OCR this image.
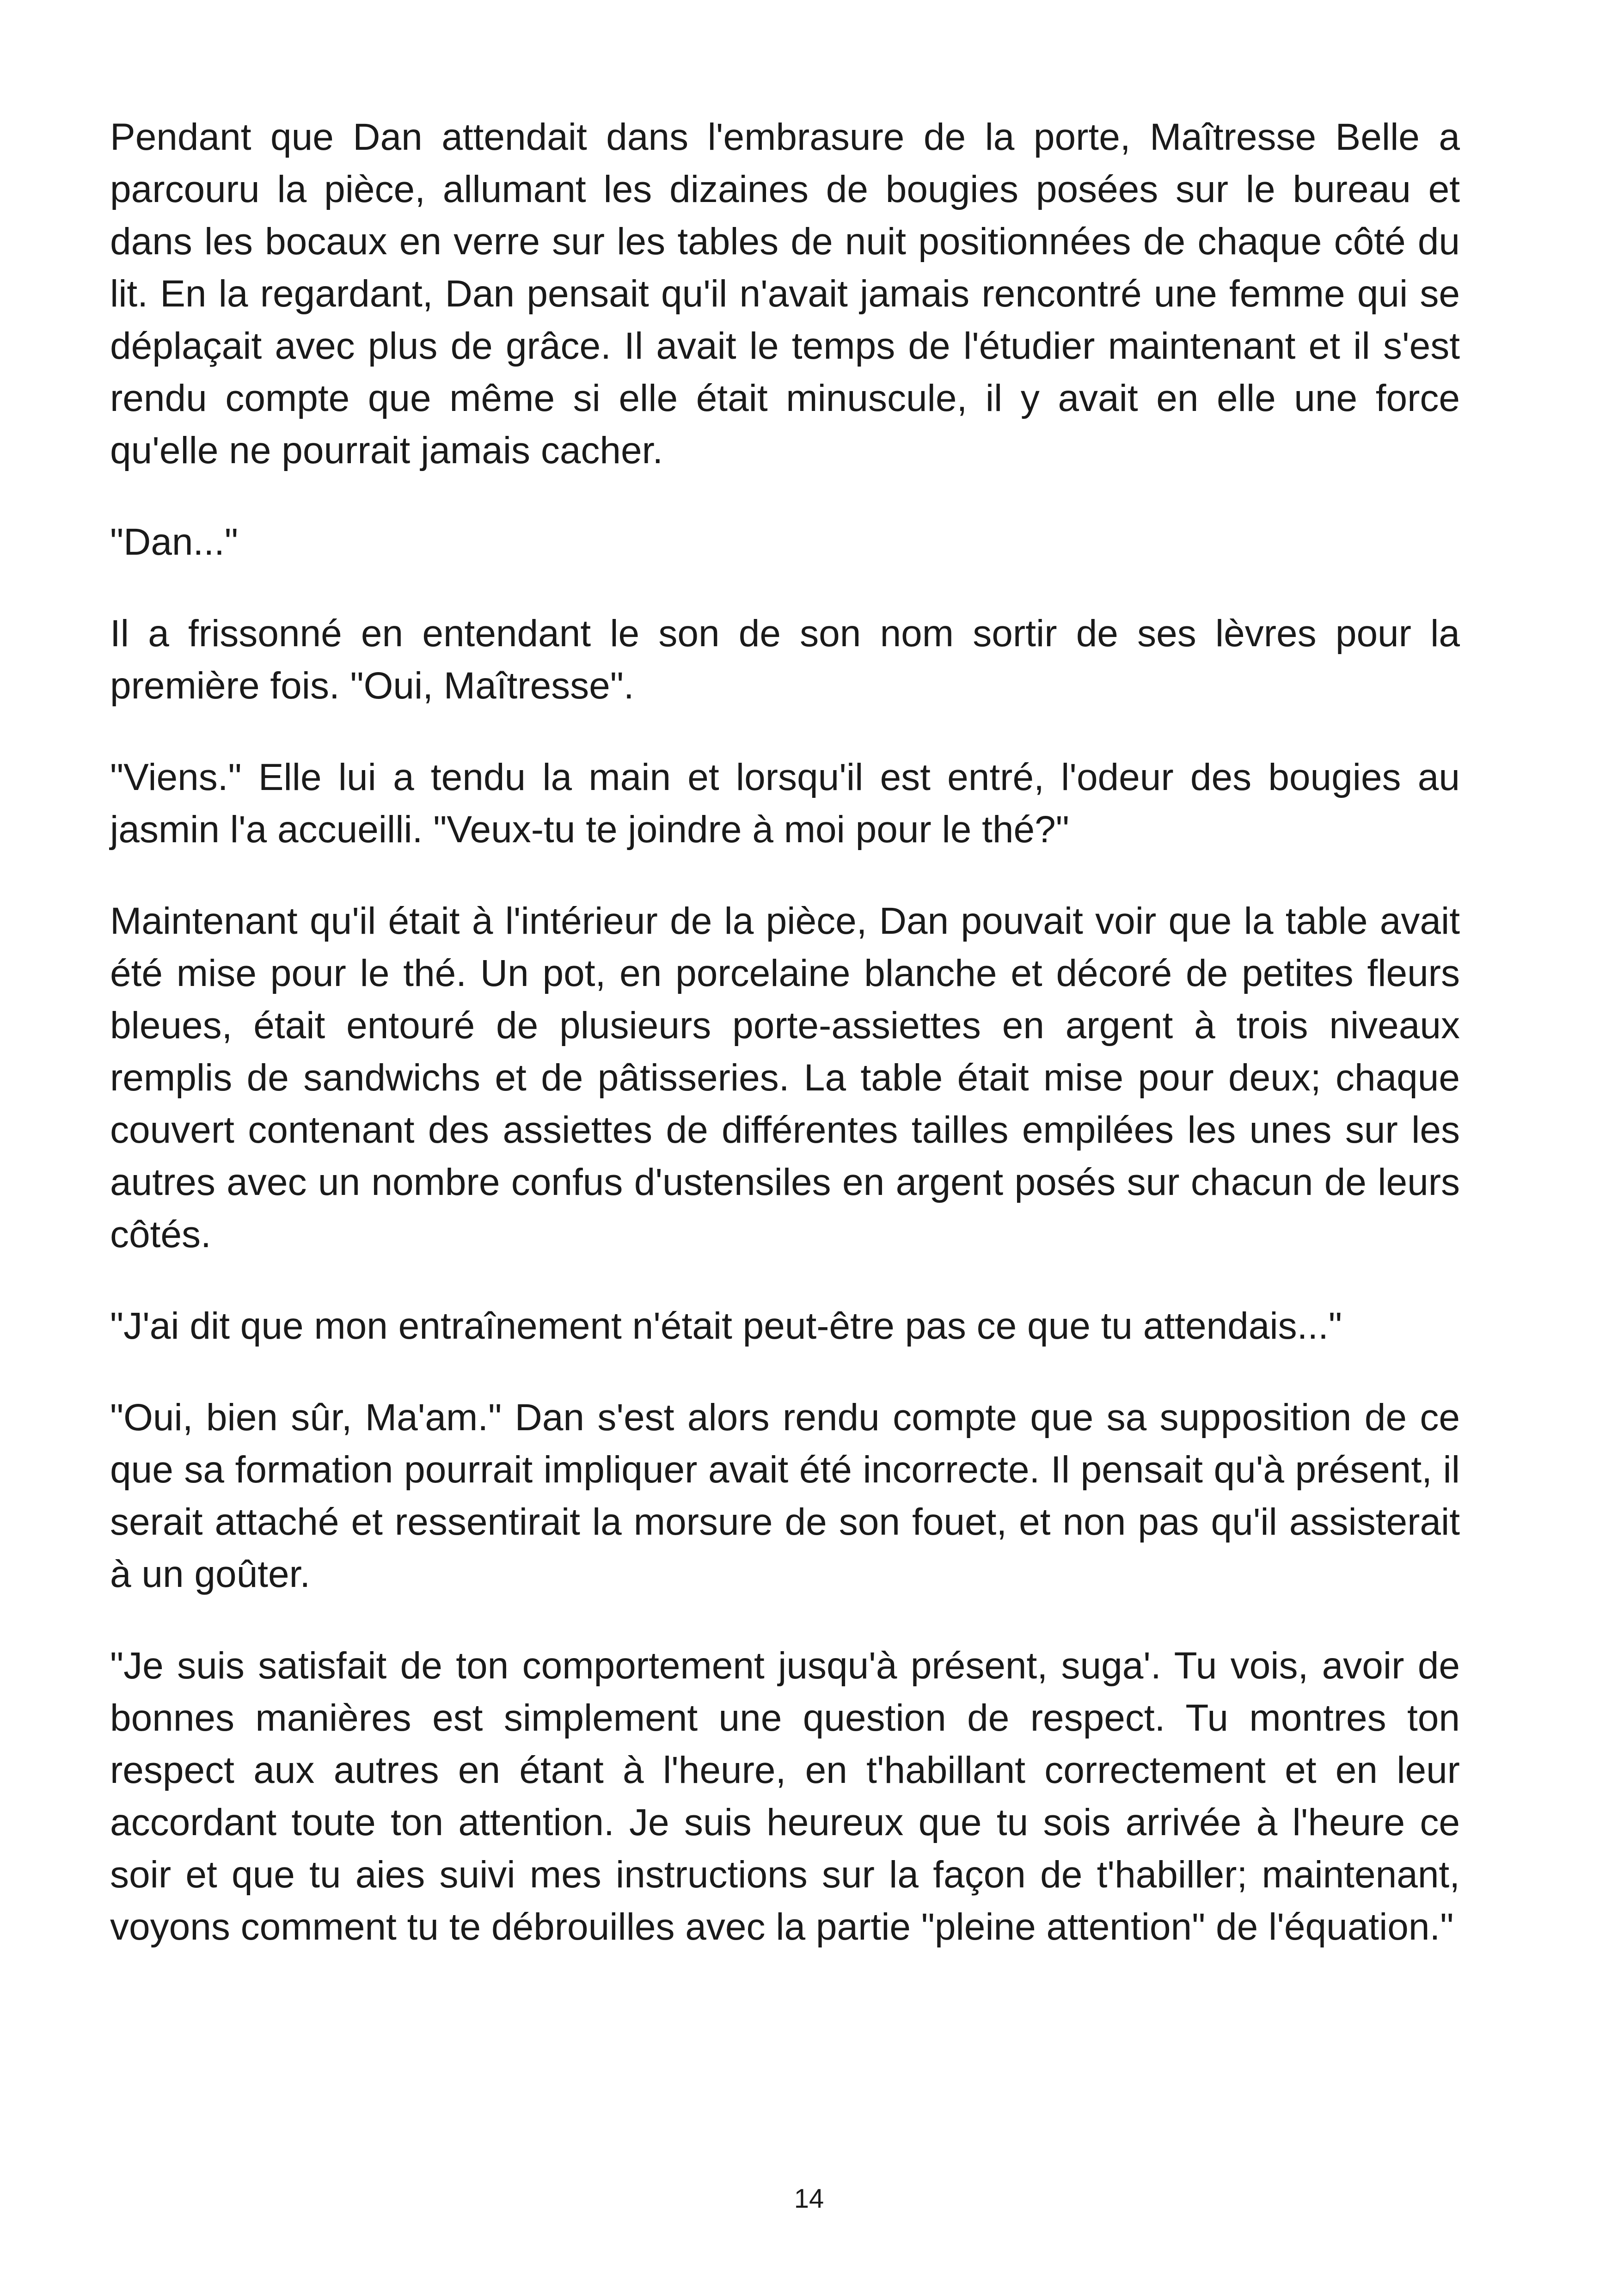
Pendant que Dan attendait dans l'embrasure de la porte, Maîtresse Belle a parcouru la pièce, allumant les dizaines de bougies posées sur le bureau et dans les bocaux en verre sur les tables de nuit positionnées de chaque côté du lit. En la regardant, Dan pensait qu'il n'avait jamais rencontré une femme qui se déplaçait avec plus de grâce. Il avait le temps de l'étudier maintenant et il s'est rendu compte que même si elle était minuscule, il y avait en elle une force qu'elle ne pourrait jamais cacher.

"Dan..."

Il a frissonné en entendant le son de son nom sortir de ses lèvres pour la première fois. "Oui, Maîtresse".

"Viens." Elle lui a tendu la main et lorsqu'il est entré, l'odeur des bougies au jasmin l'a accueilli. "Veux-tu te joindre à moi pour le thé?"

Maintenant qu'il était à l'intérieur de la pièce, Dan pouvait voir que la table avait été mise pour le thé. Un pot, en porcelaine blanche et décoré de petites fleurs bleues, était entouré de plusieurs porte-assiettes en argent à trois niveaux remplis de sandwichs et de pâtisseries. La table était mise pour deux; chaque couvert contenant des assiettes de différentes tailles empilées les unes sur les autres avec un nombre confus d'ustensiles en argent posés sur chacun de leurs côtés.

"J'ai dit que mon entraînement n'était peut-être pas ce que tu attendais..."

"Oui, bien sûr, Ma'am." Dan s'est alors rendu compte que sa supposition de ce que sa formation pourrait impliquer avait été incorrecte. Il pensait qu'à présent, il serait attaché et ressentirait la morsure de son fouet, et non pas qu'il assisterait à un goûter.

"Je suis satisfait de ton comportement jusqu'à présent, suga'. Tu vois, avoir de bonnes manières est simplement une question de respect. Tu montres ton respect aux autres en étant à l'heure, en t'habillant correctement et en leur accordant toute ton attention. Je suis heureux que tu sois arrivée à l'heure ce soir et que tu aies suivi mes instructions sur la façon de t'habiller; maintenant, voyons comment tu te débrouilles avec la partie "pleine attention" de l'équation."

14
